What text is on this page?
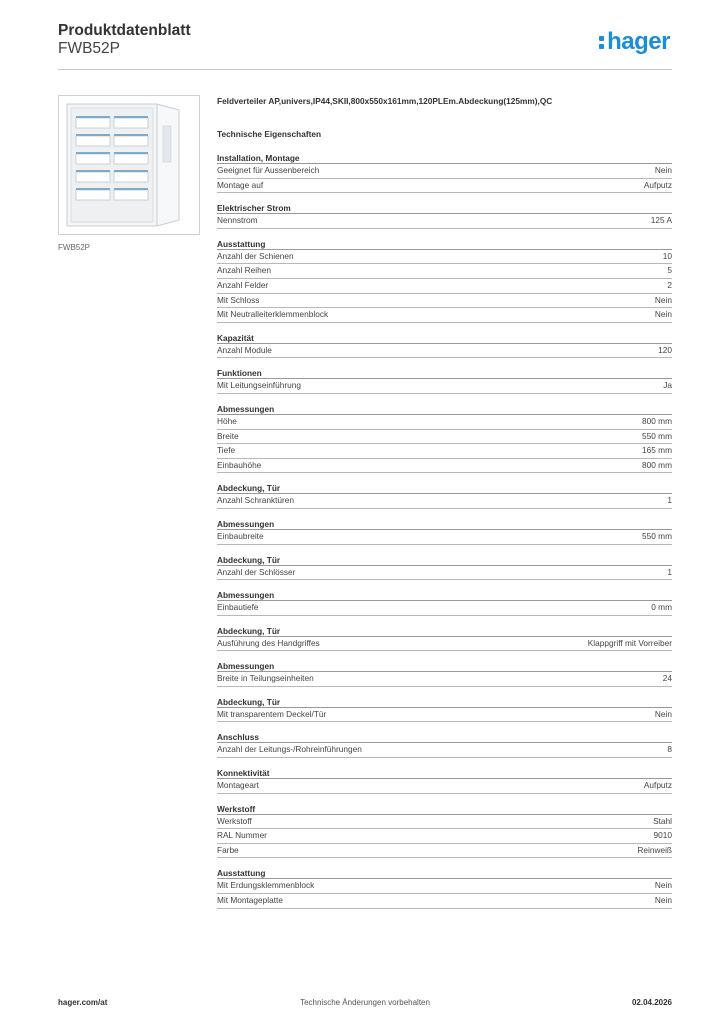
Produktdatenblatt
FWB52P	hager
FWB52P
Feldverteiler AP,univers,IP44,SKII,800x550x161mm,120PLEm.Abdeckung(125mm),QC
Technische Eigenschaften
Installation, Montage
Geeignet für Aussenbereich	Nein
Montage auf	Aufputz
Elektrischer Strom
Nennstrom	125 A
Ausstattung
Anzahl der Schienen	10
Anzahl Reihen	5
Anzahl Felder	2
Mit Schloss	Nein
Mit Neutralleiterklemmenblock	Nein
Kapazität
Anzahl Module	120
Funktionen
Mit Leitungseinführung	Ja
Abmessungen
Höhe	800 mm
Breite	550 mm
Tiefe	165 mm
Einbauhöhe	800 mm
Abdeckung, Tür
Anzahl Schranktüren	1
Abmessungen
Einbaubreite	550 mm
Abdeckung, Tür
Anzahl der Schlösser	1
Abmessungen
Einbautiefe	0 mm
Abdeckung, Tür
Ausführung des Handgriffes	Klappgriff mit Vorreiber
Abmessungen
Breite in Teilungseinheiten	24
Abdeckung, Tür
Mit transparentem Deckel/Tür	Nein
Anschluss
Anzahl der Leitungs-/Rohreinführungen	8
Konnektivität
Montageart	Aufputz
Werkstoff
Werkstoff	Stahl
RAL Nummer	9010
Farbe	Reinweiß
Ausstattung
Mit Erdungsklemmenblock	Nein
Mit Montageplatte	Nein
hager.com/at	Technische Änderungen vorbehalten	02.04.2026
